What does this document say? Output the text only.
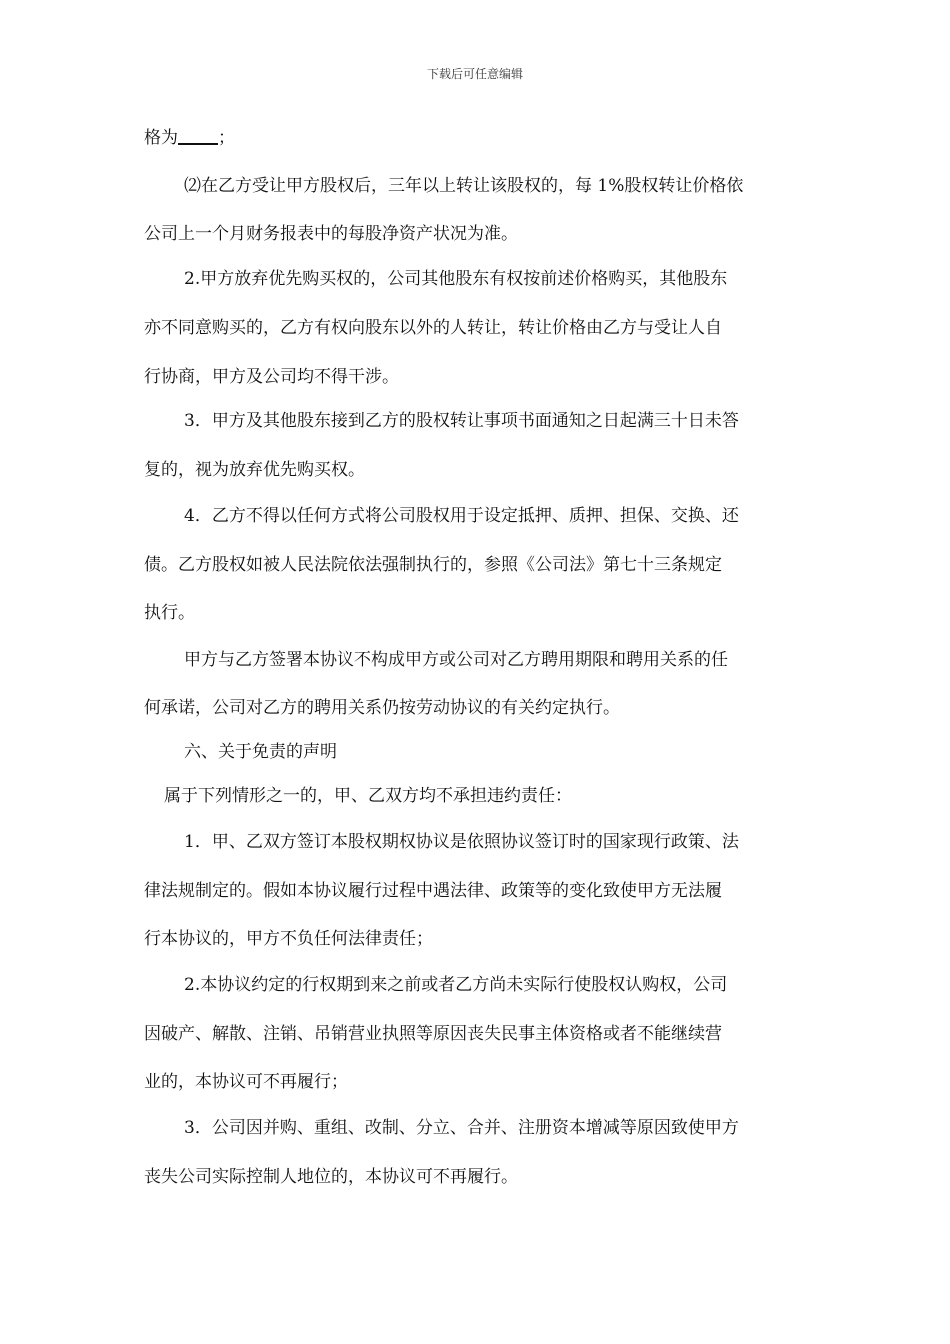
下载后可任意编辑
格为 ；
⑵在乙方受让甲方股权后，三年以上转让该股权的，每 1%股权转让价格依
公司上一个月财务报表中的每股净资产状况为准。
2.甲方放弃优先购买权的，公司其他股东有权按前述价格购买，其他股东
亦不同意购买的，乙方有权向股东以外的人转让，转让价格由乙方与受让人自
行协商，甲方及公司均不得干涉。
3．甲方及其他股东接到乙方的股权转让事项书面通知之日起满三十日未答
复的，视为放弃优先购买权。
4．乙方不得以任何方式将公司股权用于设定抵押、质押、担保、交换、还
债。乙方股权如被人民法院依法强制执行的，参照《公司法》第七十三条规定
执行。
甲方与乙方签署本协议不构成甲方或公司对乙方聘用期限和聘用关系的任
何承诺，公司对乙方的聘用关系仍按劳动协议的有关约定执行。
六、关于免责的声明
属于下列情形之一的，甲、乙双方均不承担违约责任：
1．甲、乙双方签订本股权期权协议是依照协议签订时的国家现行政策、法
律法规制定的。假如本协议履行过程中遇法律、政策等的变化致使甲方无法履
行本协议的，甲方不负任何法律责任；
2.本协议约定的行权期到来之前或者乙方尚未实际行使股权认购权，公司
因破产、解散、注销、吊销营业执照等原因丧失民事主体资格或者不能继续营
业的，本协议可不再履行；
3．公司因并购、重组、改制、分立、合并、注册资本增减等原因致使甲方
丧失公司实际控制人地位的，本协议可不再履行。
